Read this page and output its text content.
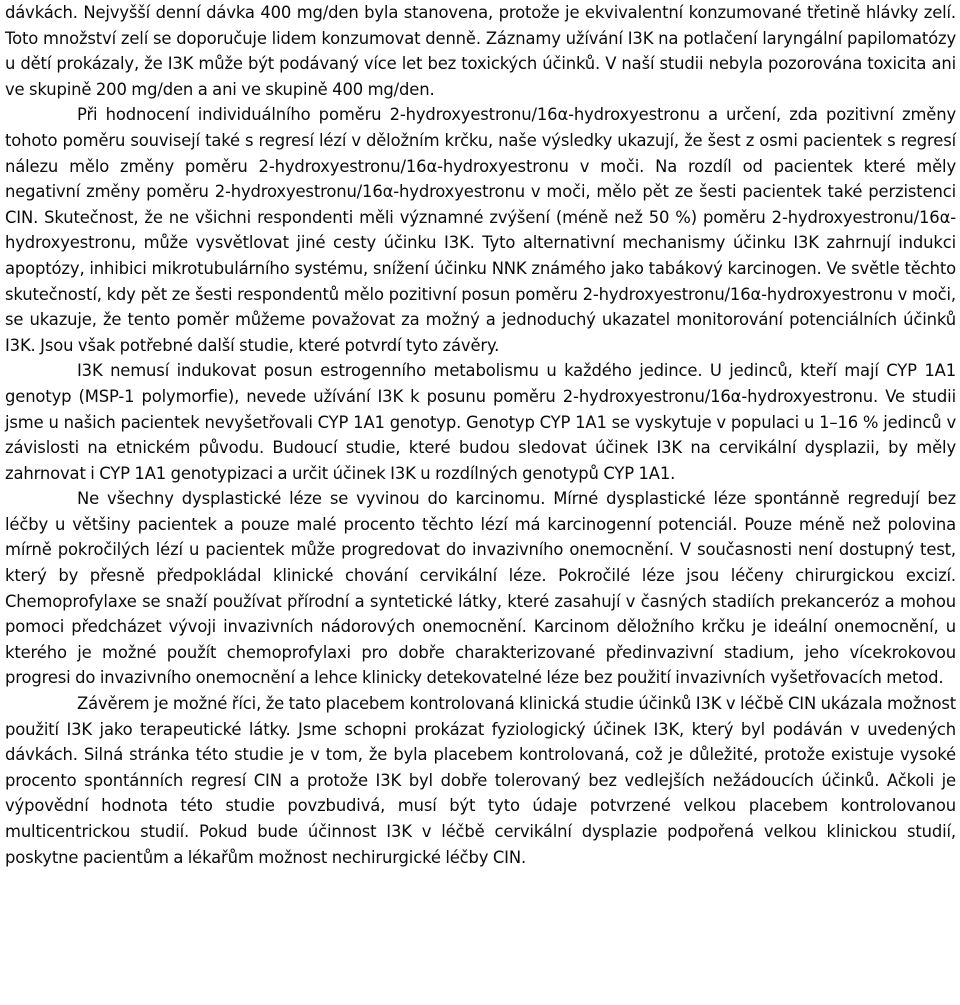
dávkách. Nejvyšší denní dávka 400 mg/den byla stanovena, protože je ekvivalentní konzumované třetině hlávky zelí. Toto množství zelí se doporučuje lidem konzumovat denně. Záznamy užívání I3K na potlačení laryngální papilomatózy u dětí prokázaly, že I3K může být podávaný více let bez toxických účinků. V naší studii nebyla pozorována toxicita ani ve skupině 200 mg/den a ani ve skupině 400 mg/den.

Při hodnocení individuálního poměru 2-hydroxyestronu/16α-hydroxyestronu a určení, zda pozitivní změny tohoto poměru souvisejí také s regresí lézí v děložním krčku, naše výsledky ukazují, že šest z osmi pacientek s regresí nálezu mělo změny poměru 2-hydroxyestronu/16α-hydroxyestronu v moči. Na rozdíl od pacientek které měly negativní změny poměru 2-hydroxyestronu/16α-hydroxyestronu v moči, mělo pět ze šesti pacientek také perzistenci CIN. Skutečnost, že ne všichni respondenti měli významné zvýšení (méně než 50 %) poměru 2-hydroxyestronu/16α-hydroxyestronu, může vysvětlovat jiné cesty účinku I3K. Tyto alternativní mechanismy účinku I3K zahrnují indukci apoptózy, inhibici mikrotubulárního systému, snížení účinku NNK známého jako tabákový karcinogen. Ve světle těchto skutečností, kdy pět ze šesti respondentů mělo pozitivní posun poměru 2-hydroxyestronu/16α-hydroxyestronu v moči, se ukazuje, že tento poměr můžeme považovat za možný a jednoduchý ukazatel monitorování potenciálních účinků I3K. Jsou však potřebné další studie, které potvrdí tyto závěry.

I3K nemusí indukovat posun estrogenního metabolismu u každého jedince. U jedinců, kteří mají CYP 1A1 genotyp (MSP-1 polymorfie), nevede užívání I3K k posunu poměru 2-hydroxyestronu/16α-hydroxyestronu. Ve studii jsme u našich pacientek nevyšetřovali CYP 1A1 genotyp. Genotyp CYP 1A1 se vyskytuje v populaci u 1–16 % jedinců v závislosti na etnickém původu. Budoucí studie, které budou sledovat účinek I3K na cervikální dysplazii, by měly zahrnovat i CYP 1A1 genotypizaci a určit účinek I3K u rozdílných genotypů CYP 1A1.

Ne všechny dysplastické léze se vyvinou do karcinomu. Mírné dysplastické léze spontánně regredují bez léčby u většiny pacientek a pouze malé procento těchto lézí má karcinogenní potenciál. Pouze méně než polovina mírně pokročilých lézí u pacientek může progredovat do invazivního onemocnění. V současnosti není dostupný test, který by přesně předpokládal klinické chování cervikální léze. Pokročilé léze jsou léčeny chirurgickou excizí. Chemoprofylaxe se snaží používat přírodní a syntetické látky, které zasahují v časných stadiích prekanceróz a mohou pomoci předcházet vývoji invazivních nádorových onemocnění. Karcinom děložního krčku je ideální onemocnění, u kterého je možné použít chemoprofylaxi pro dobře charakterizované předinvazivní stadium, jeho vícekrokovou progresi do invazivního onemocnění a lehce klinicky detekovatelné léze bez použití invazivních vyšetřovacích metod.

Závěrem je možné říci, že tato placebem kontrolovaná klinická studie účinků I3K v léčbě CIN ukázala možnost použití I3K jako terapeutické látky. Jsme schopni prokázat fyziologický účinek I3K, který byl podáván v uvedených dávkách. Silná stránka této studie je v tom, že byla placebem kontrolovaná, což je důležité, protože existuje vysoké procento spontánních regresí CIN a protože I3K byl dobře tolerovaný bez vedlejších nežádoucích účinků. Ačkoli je výpovědní hodnota této studie povzbudivá, musí být tyto údaje potvrzené velkou placebem kontrolovanou multicentrickou studií. Pokud bude účinnost I3K v léčbě cervikální dysplazie podpořená velkou klinickou studií, poskytne pacientům a lékařům možnost nechirurgické léčby CIN.
